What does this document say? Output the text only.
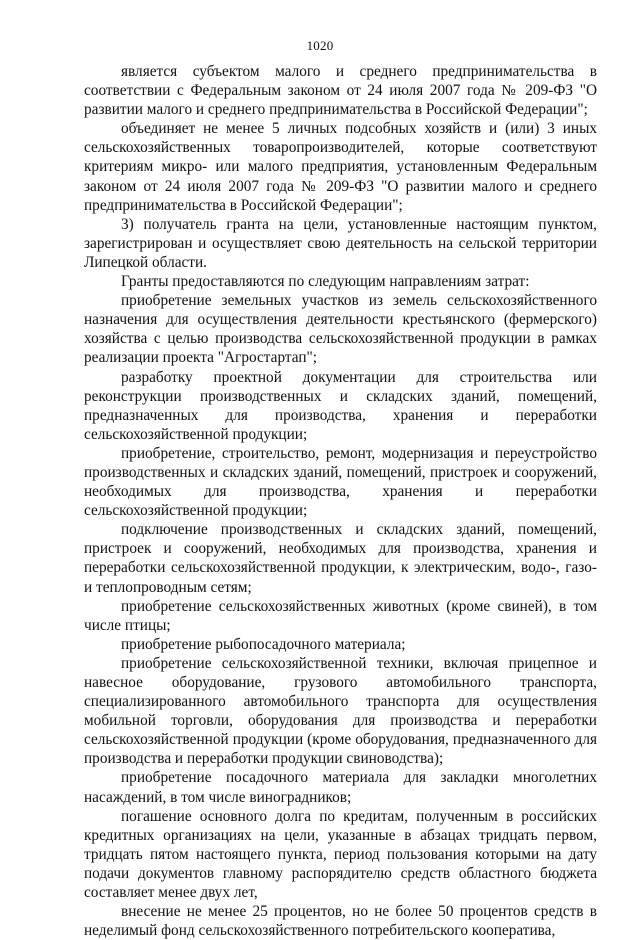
1020

является субъектом малого и среднего предпринимательства в соответствии с Федеральным законом от 24 июля 2007 года № 209-ФЗ "О развитии малого и среднего предпринимательства в Российской Федерации";

объединяет не менее 5 личных подсобных хозяйств и (или) 3 иных сельскохозяйственных товаропроизводителей, которые соответствуют критериям микро- или малого предприятия, установленным Федеральным законом от 24 июля 2007 года № 209-ФЗ "О развитии малого и среднего предпринимательства в Российской Федерации";

3) получатель гранта на цели, установленные настоящим пунктом, зарегистрирован и осуществляет свою деятельность на сельской территории Липецкой области.

Гранты предоставляются по следующим направлениям затрат:

приобретение земельных участков из земель сельскохозяйственного назначения для осуществления деятельности крестьянского (фермерского) хозяйства с целью производства сельскохозяйственной продукции в рамках реализации проекта "Агростартап";

разработку проектной документации для строительства или реконструкции производственных и складских зданий, помещений, предназначенных для производства, хранения и переработки сельскохозяйственной продукции;

приобретение, строительство, ремонт, модернизация и переустройство производственных и складских зданий, помещений, пристроек и сооружений, необходимых для производства, хранения и переработки сельскохозяйственной продукции;

подключение производственных и складских зданий, помещений, пристроек и сооружений, необходимых для производства, хранения и переработки сельскохозяйственной продукции, к электрическим, водо-, газо- и теплопроводным сетям;

приобретение сельскохозяйственных животных (кроме свиней), в том числе птицы;

приобретение рыбопосадочного материала;

приобретение сельскохозяйственной техники, включая прицепное и навесное оборудование, грузового автомобильного транспорта, специализированного автомобильного транспорта для осуществления мобильной торговли, оборудования для производства и переработки сельскохозяйственной продукции (кроме оборудования, предназначенного для производства и переработки продукции свиноводства);

приобретение посадочного материала для закладки многолетних насаждений, в том числе виноградников;

погашение основного долга по кредитам, полученным в российских кредитных организациях на цели, указанные в абзацах тридцать первом, тридцать пятом настоящего пункта, период пользования которыми на дату подачи документов главному распорядителю средств областного бюджета составляет менее двух лет,

внесение не менее 25 процентов, но не более 50 процентов средств в неделимый фонд сельскохозяйственного потребительского кооператива,
